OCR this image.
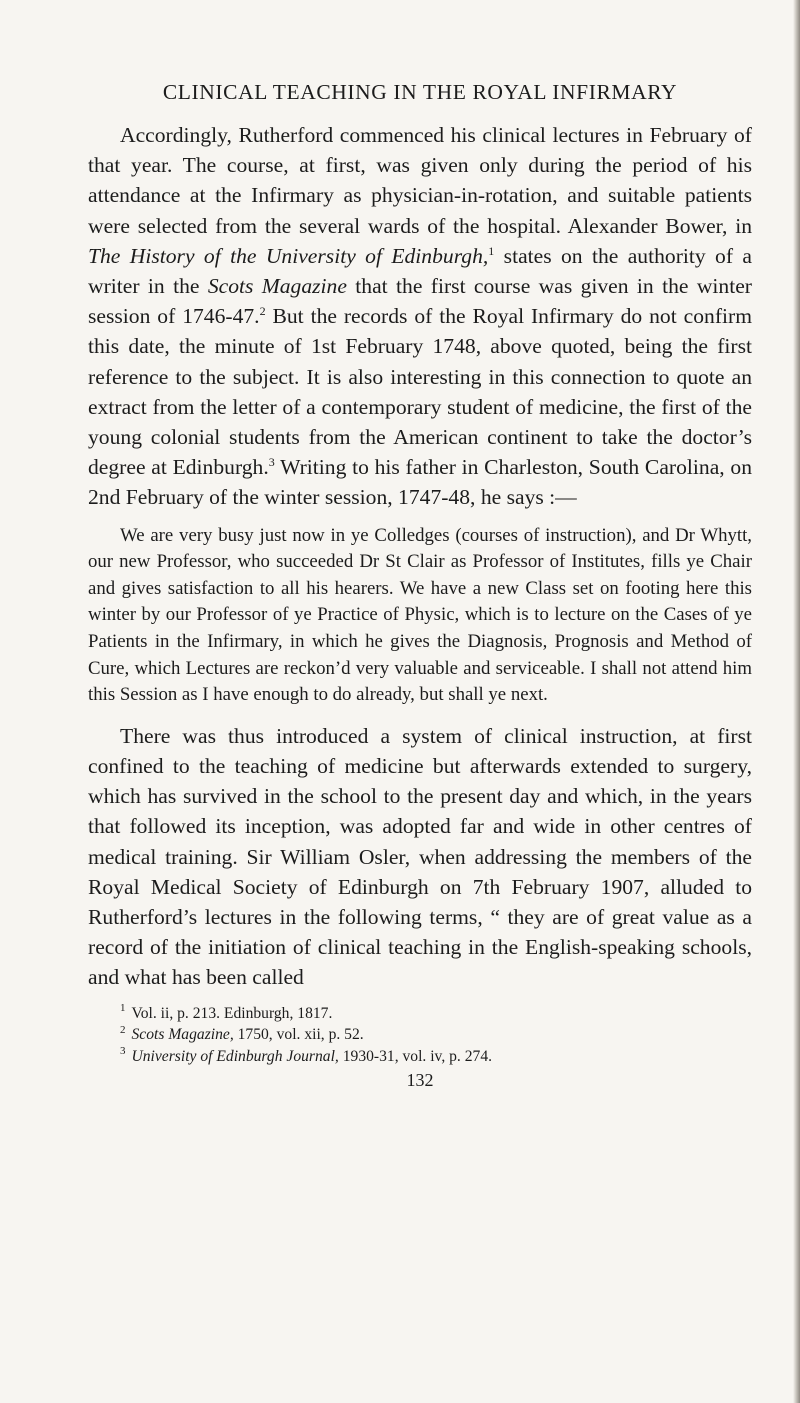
CLINICAL TEACHING IN THE ROYAL INFIRMARY

Accordingly, Rutherford commenced his clinical lectures in February of that year. The course, at first, was given only during the period of his attendance at the Infirmary as physician-in-rotation, and suitable patients were selected from the several wards of the hospital. Alexander Bower, in The History of the University of Edinburgh,$^1$ states on the authority of a writer in the Scots Magazine that the first course was given in the winter session of 1746-47.$^2$ But the records of the Royal Infirmary do not confirm this date, the minute of 1st February 1748, above quoted, being the first reference to the subject. It is also interesting in this connection to quote an extract from the letter of a contemporary student of medicine, the first of the young colonial students from the American continent to take the doctor’s degree at Edinburgh.$^3$ Writing to his father in Charleston, South Carolina, on 2nd February of the winter session, 1747-48, he says :—

We are very busy just now in ye Colledges (courses of instruction), and Dr Whytt, our new Professor, who succeeded Dr St Clair as Professor of Institutes, fills ye Chair and gives satisfaction to all his hearers. We have a new Class set on footing here this winter by our Professor of ye Practice of Physic, which is to lecture on the Cases of ye Patients in the Infirmary, in which he gives the Diagnosis, Prognosis and Method of Cure, which Lectures are reckon’d very valuable and serviceable. I shall not attend him this Session as I have enough to do already, but shall ye next.

There was thus introduced a system of clinical instruction, at first confined to the teaching of medicine but afterwards extended to surgery, which has survived in the school to the present day and which, in the years that followed its inception, was adopted far and wide in other centres of medical training. Sir William Osler, when addressing the members of the Royal Medical Society of Edinburgh on 7th February 1907, alluded to Rutherford’s lectures in the following terms, “ they are of great value as a record of the initiation of clinical teaching in the English-speaking schools, and what has been called

$^1$ Vol. ii, p. 213. Edinburgh, 1817.
$^2$ Scots Magazine, 1750, vol. xii, p. 52.
$^3$ University of Edinburgh Journal, 1930-31, vol. iv, p. 274.
132
